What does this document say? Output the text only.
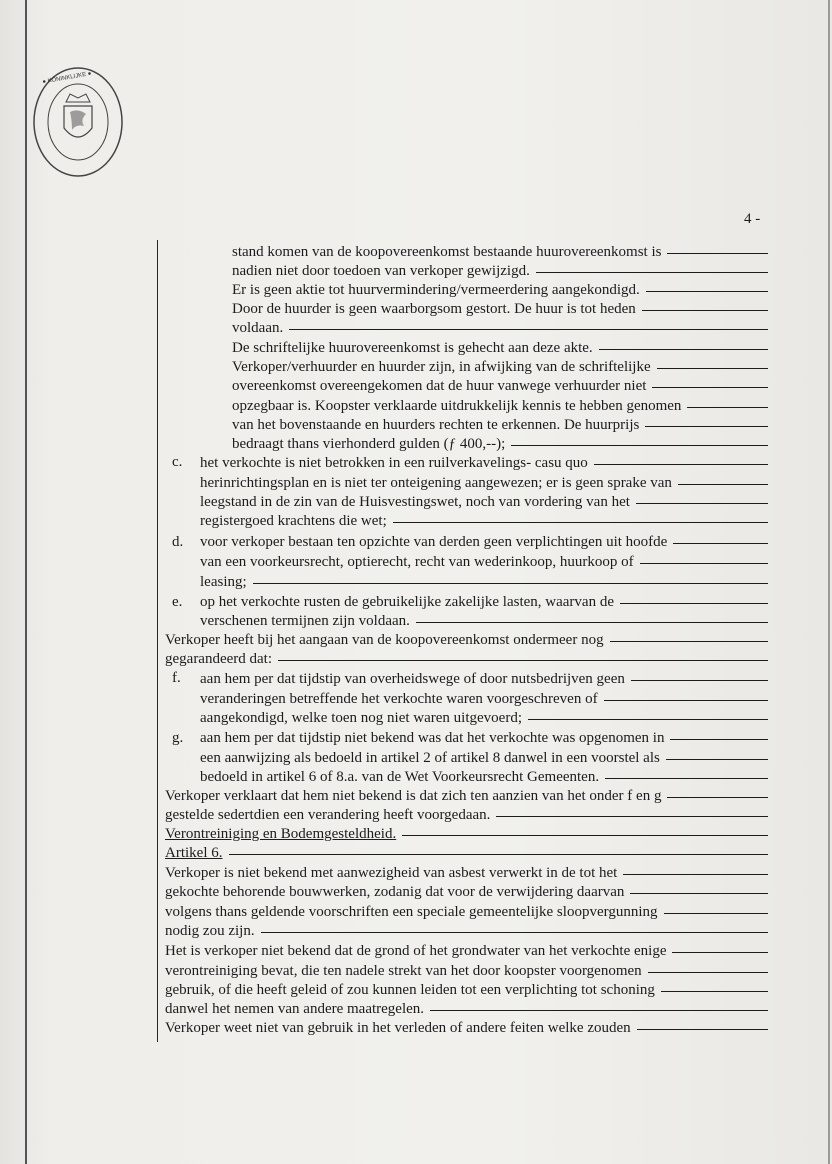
● KONINKLIJKE ●
4 -
c.
d.
e.
f.
g.
stand komen van de koopovereenkomst bestaande huurovereenkomst is
nadien niet door toedoen van verkoper gewijzigd.
Er is geen aktie tot huurvermindering/vermeerdering aangekondigd.
Door de huurder is geen waarborgsom gestort. De huur is tot heden
voldaan.
De schriftelijke huurovereenkomst is gehecht aan deze akte.
Verkoper/verhuurder en huurder zijn, in afwijking van de schriftelijke
overeenkomst overeengekomen dat de huur vanwege verhuurder niet
opzegbaar is. Koopster verklaarde uitdrukkelijk kennis te hebben genomen
van het bovenstaande en huurders rechten te erkennen. De huurprijs
bedraagt thans vierhonderd gulden (ƒ 400,--);
het verkochte is niet betrokken in een ruilverkavelings- casu quo
herinrichtingsplan en is niet ter onteigening aangewezen; er is geen sprake van
leegstand in de zin van de Huisvestingswet, noch van vordering van het
registergoed krachtens die wet;
voor verkoper bestaan ten opzichte van derden geen verplichtingen uit hoofde
van een voorkeursrecht, optierecht, recht van wederinkoop, huurkoop of
leasing;
op het verkochte rusten de gebruikelijke zakelijke lasten, waarvan de
verschenen termijnen zijn voldaan.
Verkoper heeft bij het aangaan van de koopovereenkomst ondermeer nog
gegarandeerd dat:
aan hem per dat tijdstip van overheidswege of door nutsbedrijven geen
veranderingen betreffende het verkochte waren voorgeschreven of
aangekondigd, welke toen nog niet waren uitgevoerd;
aan hem per dat tijdstip niet bekend was dat het verkochte was opgenomen in
een aanwijzing als bedoeld in artikel 2 of artikel 8 danwel in een voorstel als
bedoeld in artikel 6 of 8.a. van de Wet Voorkeursrecht Gemeenten.
Verkoper verklaart dat hem niet bekend is dat zich ten aanzien van het onder f en g
gestelde sedertdien een verandering heeft voorgedaan.
Verontreiniging en Bodemgesteldheid.
Artikel 6.
Verkoper is niet bekend met aanwezigheid van asbest verwerkt in de tot het
gekochte behorende bouwwerken, zodanig dat voor de verwijdering daarvan
volgens thans geldende voorschriften een speciale gemeentelijke sloopvergunning
nodig zou zijn.
Het is verkoper niet bekend dat de grond of het grondwater van het verkochte enige
verontreiniging bevat, die ten nadele strekt van het door koopster voorgenomen
gebruik, of die heeft geleid of zou kunnen leiden tot een verplichting tot schoning
danwel het nemen van andere maatregelen.
Verkoper weet niet van gebruik in het verleden of andere feiten welke zouden
